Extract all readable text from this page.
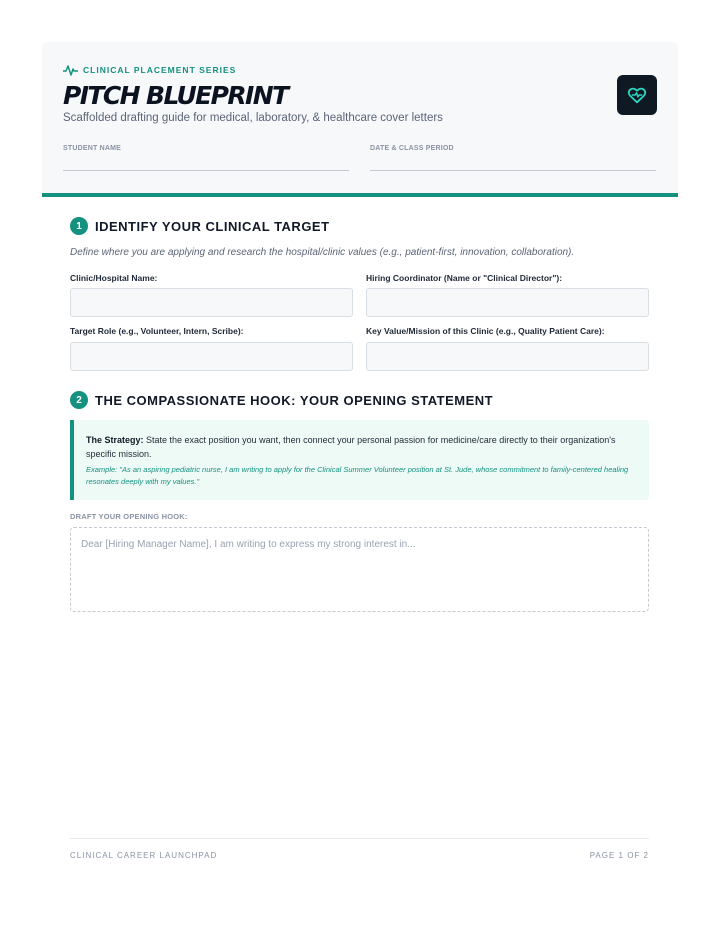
CLINICAL PLACEMENT SERIES
PITCH BLUEPRINT
Scaffolded drafting guide for medical, laboratory, & healthcare cover letters
STUDENT NAME	DATE & CLASS PERIOD
1	IDENTIFY YOUR CLINICAL TARGET
Define where you are applying and research the hospital/clinic values (e.g., patient-first, innovation, collaboration).
Clinic/Hospital Name:	Hiring Coordinator (Name or "Clinical Director"):
Target Role (e.g., Volunteer, Intern, Scribe):	Key Value/Mission of this Clinic (e.g., Quality Patient Care):
2	THE COMPASSIONATE HOOK: YOUR OPENING STATEMENT
The Strategy: State the exact position you want, then connect your personal passion for medicine/care directly to their organization's specific mission.
Example: "As an aspiring pediatric nurse, I am writing to apply for the Clinical Summer Volunteer position at St. Jude, whose commitment to family-centered healing resonates deeply with my values."
DRAFT YOUR OPENING HOOK:
Dear [Hiring Manager Name], I am writing to express my strong interest in...
CLINICAL CAREER LAUNCHPAD	PAGE 1 OF 2
